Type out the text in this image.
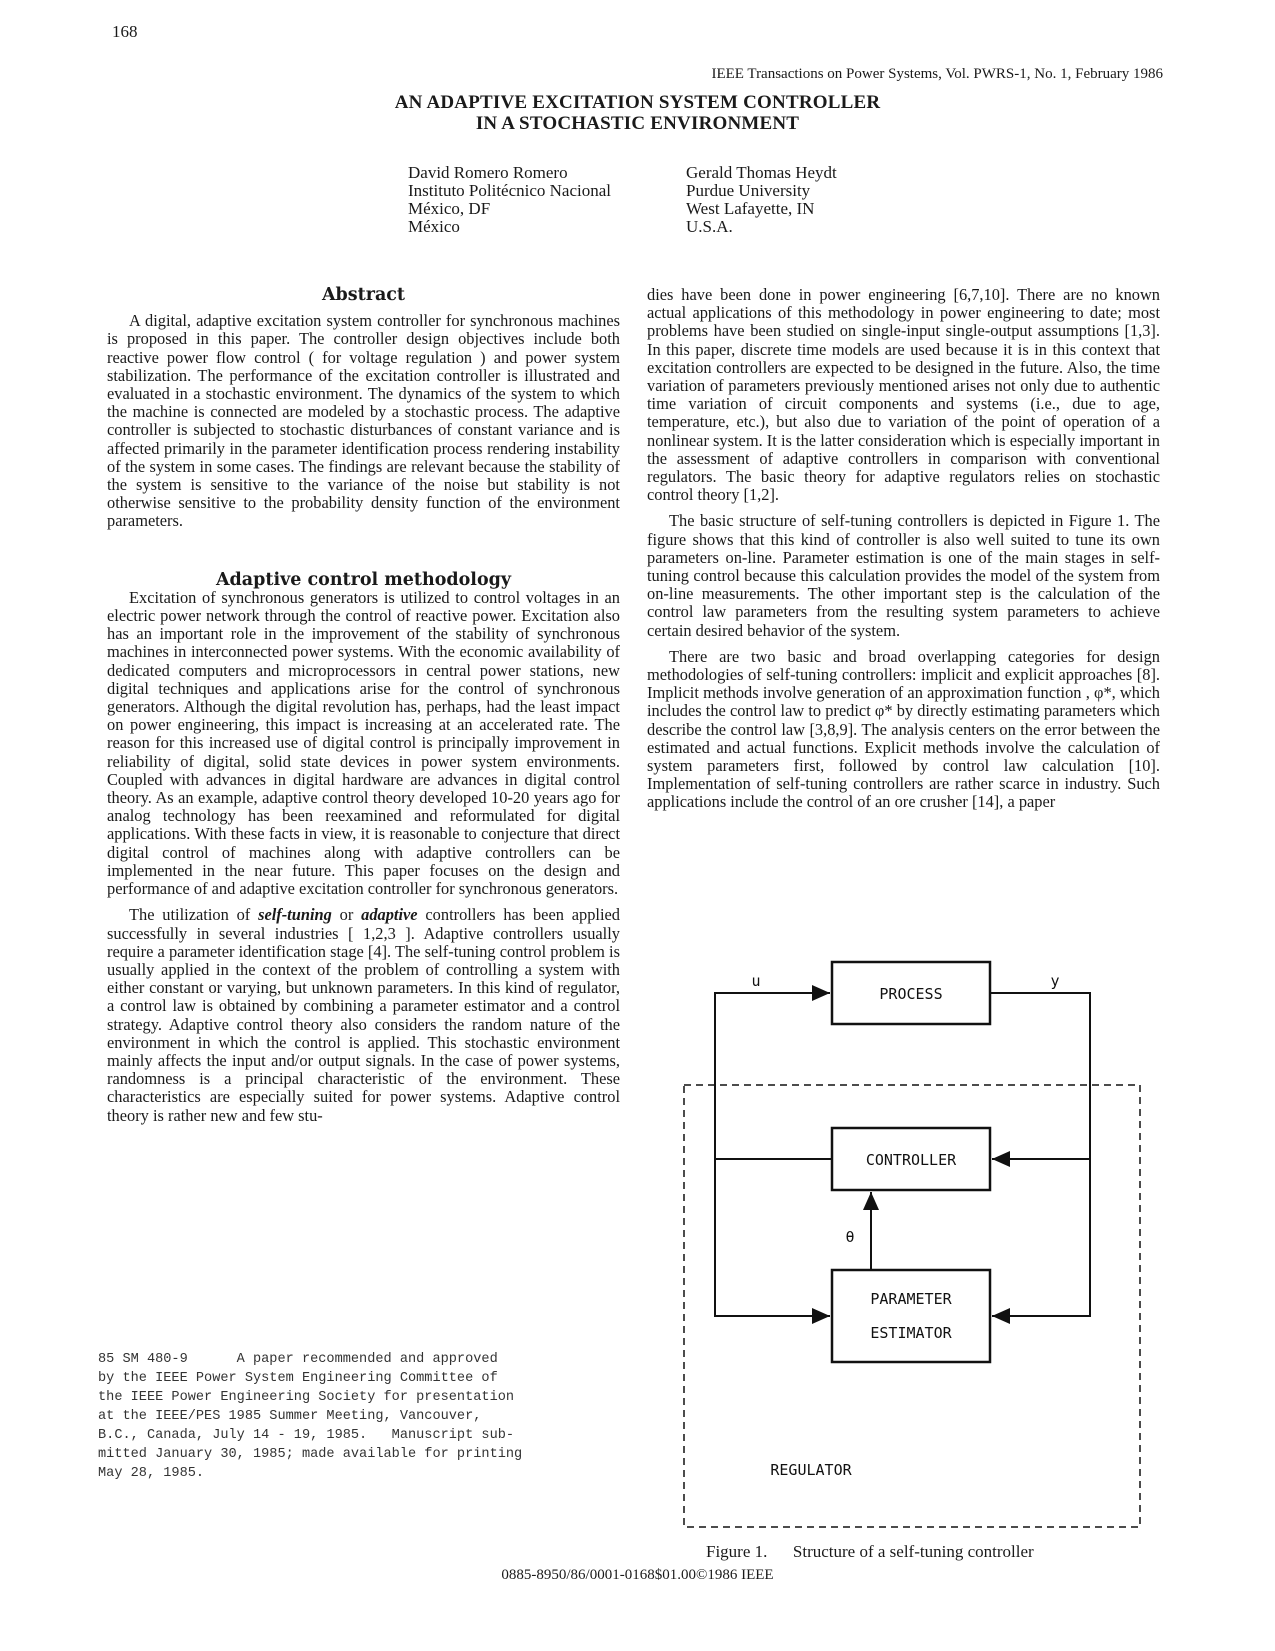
168
IEEE Transactions on Power Systems, Vol. PWRS-1, No. 1, February 1986
AN ADAPTIVE EXCITATION SYSTEM CONTROLLER
IN A STOCHASTIC ENVIRONMENT
David Romero Romero
Instituto Politécnico Nacional
México, DF
México
Gerald Thomas Heydt
Purdue University
West Lafayette, IN
U.S.A.

Abstract

A digital, adaptive excitation system controller for synchronous machines is proposed in this paper. The controller design objectives include both reactive power flow control ( for voltage regulation ) and power system stabilization. The performance of the excitation controller is illustrated and evaluated in a stochastic environment. The dynamics of the system to which the machine is connected are modeled by a stochastic process. The adaptive controller is subjected to stochastic disturbances of constant variance and is affected primarily in the parameter identification process rendering instability of the system in some cases. The findings are relevant because the stability of the system is sensitive to the variance of the noise but stability is not otherwise sensitive to the probability density function of the environment parameters.

Adaptive control methodology

Excitation of synchronous generators is utilized to control voltages in an electric power network through the control of reactive power. Excitation also has an important role in the improvement of the stability of synchronous machines in interconnected power systems. With the economic availability of dedicated computers and microprocessors in central power stations, new digital techniques and applications arise for the control of synchronous generators. Although the digital revolution has, perhaps, had the least impact on power engineering, this impact is increasing at an accelerated rate. The reason for this increased use of digital control is principally improvement in reliability of digital, solid state devices in power system environments. Coupled with advances in digital hardware are advances in digital control theory. As an example, adaptive control theory developed 10-20 years ago for analog technology has been reexamined and reformulated for digital applications. With these facts in view, it is reasonable to conjecture that direct digital control of machines along with adaptive controllers can be implemented in the near future. This paper focuses on the design and performance of and adaptive excitation controller for synchronous generators.

The utilization of self-tuning or adaptive controllers has been applied successfully in several industries [ 1,2,3 ]. Adaptive controllers usually require a parameter identification stage [4]. The self-tuning control problem is usually applied in the context of the problem of controlling a system with either constant or varying, but unknown parameters. In this kind of regulator, a control law is obtained by combining a parameter estimator and a control strategy. Adaptive control theory also considers the random nature of the environment in which the control is applied. This stochastic environment mainly affects the input and/or output signals. In the case of power systems, randomness is a principal characteristic of the environment. These characteristics are especially suited for power systems. Adaptive control theory is rather new and few stu-

85 SM 480-9      A paper recommended and approved
by the IEEE Power System Engineering Committee of
the IEEE Power Engineering Society for presentation
at the IEEE/PES 1985 Summer Meeting, Vancouver,
B.C., Canada, July 14 - 19, 1985.   Manuscript sub-
mitted January 30, 1985; made available for printing
May 28, 1985.

dies have been done in power engineering [6,7,10]. There are no known actual applications of this methodology in power engineering to date; most problems have been studied on single-input single-output assumptions [1,3]. In this paper, discrete time models are used because it is in this context that excitation controllers are expected to be designed in the future. Also, the time variation of parameters previously mentioned arises not only due to authentic time variation of circuit components and systems (i.e., due to age, temperature, etc.), but also due to variation of the point of operation of a nonlinear system. It is the latter consideration which is especially important in the assessment of adaptive controllers in comparison with conventional regulators. The basic theory for adaptive regulators relies on stochastic control theory [1,2].

The basic structure of self-tuning controllers is depicted in Figure 1. The figure shows that this kind of controller is also well suited to tune its own parameters on-line. Parameter estimation is one of the main stages in self-tuning control because this calculation provides the model of the system from on-line measurements. The other important step is the calculation of the control law parameters from the resulting system parameters to achieve certain desired behavior of the system.

There are two basic and broad overlapping categories for design methodologies of self-tuning controllers: implicit and explicit approaches [8]. Implicit methods involve generation of an approximation function , φ*, which includes the control law to predict φ* by directly estimating parameters which describe the control law [3,8,9]. The analysis centers on the error between the estimated and actual functions. Explicit methods involve the calculation of system parameters first, followed by control law calculation [10]. Implementation of self-tuning controllers are rather scarce in industry. Such applications include the control of an ore crusher [14], a paper

PROCESS
CONTROLLER
PARAMETER
ESTIMATOR
REGULATOR
u	y
θ
Figure 1. Structure of a self-tuning controller
0885-8950/86/0001-0168$01.00©1986 IEEE
